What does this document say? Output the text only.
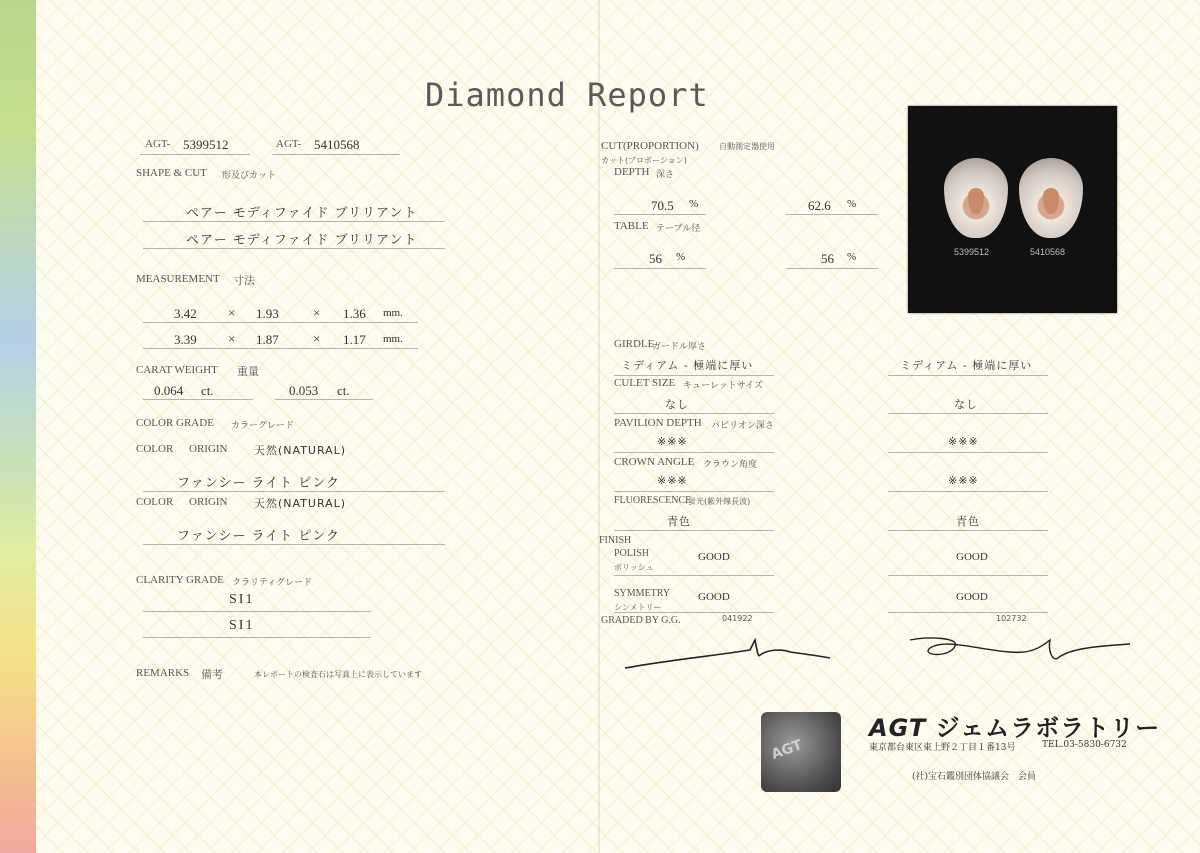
Diamond Report
AGT- 5399512	AGT- 5410568
SHAPE & CUT 形及びカット
ペアー モディファイド ブリリアント
ペアー モディファイド ブリリアント
MEASUREMENT 寸法
3.42 × 1.93	× 1.36 mm.
3.39 × 1.87	× 1.17 mm.
CARAT WEIGHT 重量
0.064 ct.	0.053 ct.
COLOR GRADE カラーグレード
COLOR ORIGIN 天然(NATURAL)
ファンシー ライト ピンク
COLOR ORIGIN 天然(NATURAL)
ファンシー ライト ピンク
CLARITY GRADE クラリティグレード
SI1
SI1
REMARKS 備考	本レポートの検査石は写真上に表示しています
CUT(PROPORTION)	自動測定器使用
カット(プロポーション)
DEPTH 深さ
70.5 %	62.6 %
TABLE テーブル径
56 %	56 %	5399512	5410568
GIRDLE
ガードル厚さ
ミディアム - 極端に厚い	ミディアム - 極端に厚い
CULET SIZE キューレットサイズ
なし	なし
PAVILION DEPTH パビリオン深さ
※※※	※※※
CROWN ANGLE クラウン角度
※※※	※※※
FLUORESCENCE
蛍光(紫外線長波)
青色	青色
FINISH
POLISH
ポリッシュ
GOOD	GOOD
SYMMETRY
シンメトリー
GOOD	GOOD
GRADED BY G.G.	041922	102732
AGT
AGT ジェムラボラトリー
東京都台東区東上野２丁目１番13号	TEL.03-5830-6732
(社)宝石鑑別団体協議会　会員
